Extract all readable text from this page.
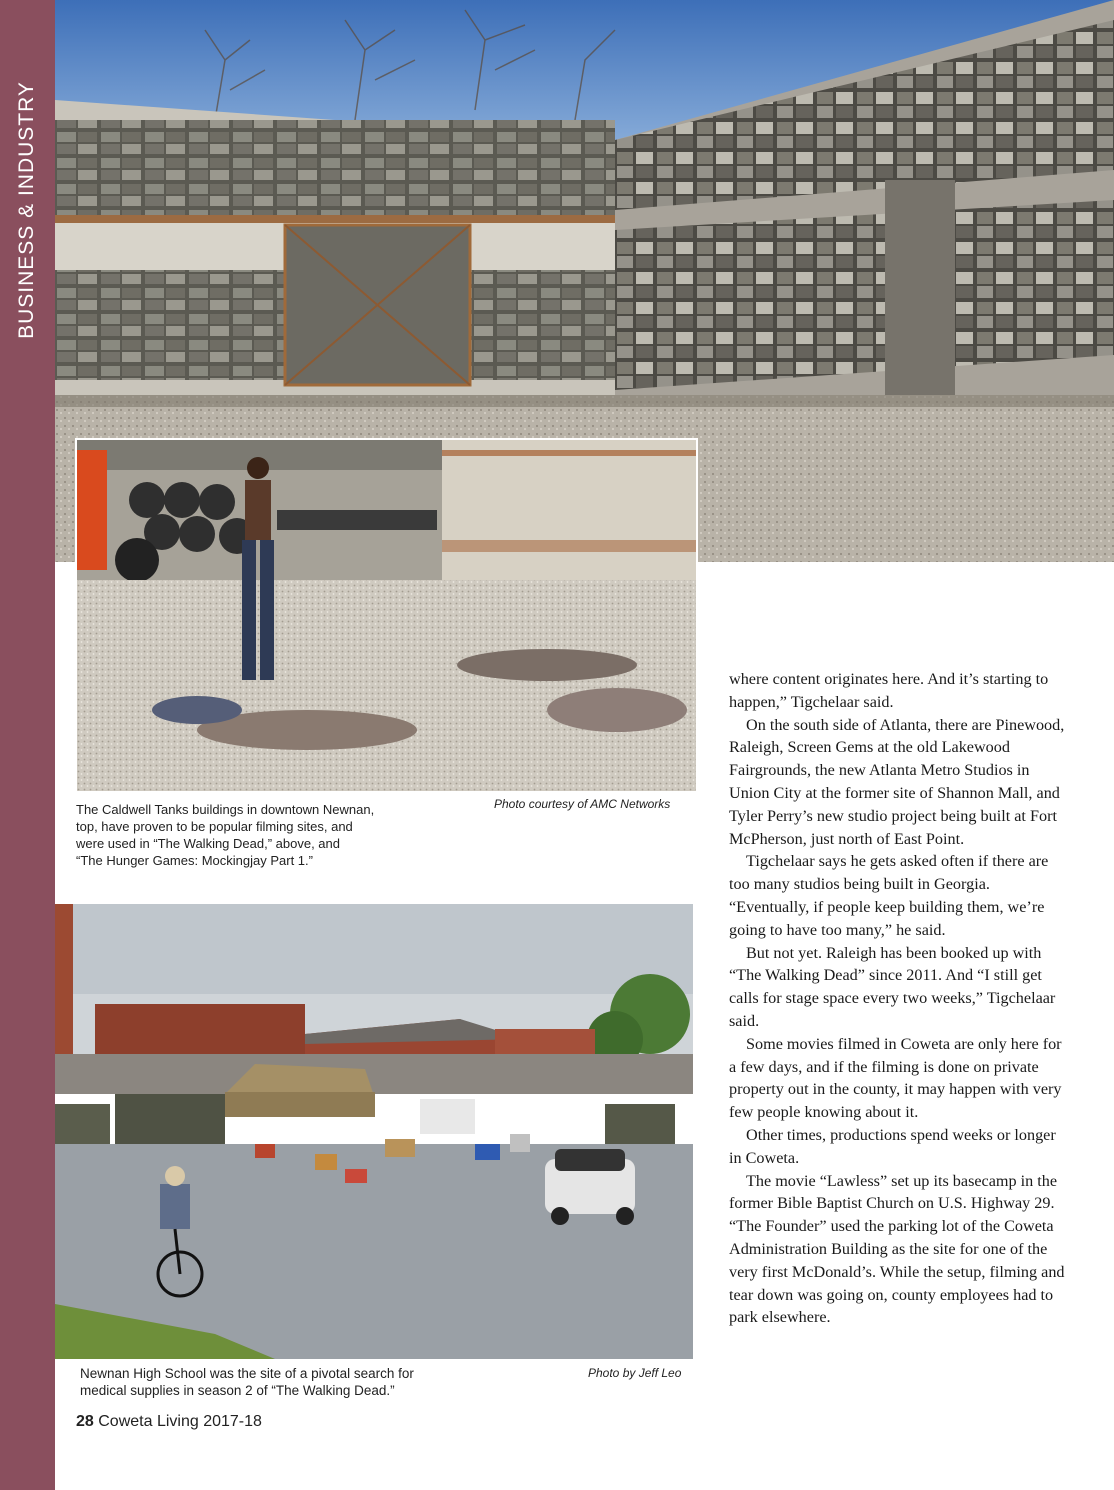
BUSINESS & INDUSTRY
The Caldwell Tanks buildings in downtown Newnan,
top, have proven to be popular filming sites, and
were used in “The Walking Dead,” above, and
“The Hunger Games: Mockingjay Part 1.”
Photo courtesy of AMC Networks
Newnan High School was the site of a pivotal search for
medical supplies in season 2 of “The Walking Dead.”
Photo by Jeff Leo

where content originates here. And it’s starting to happen,” Tigchelaar said.

On the south side of Atlanta, there are Pinewood, Raleigh, Screen Gems at the old Lakewood Fairgrounds, the new Atlanta Metro Studios in Union City at the former site of Shannon Mall, and Tyler Perry’s new studio project being built at Fort McPherson, just north of East Point.

Tigchelaar says he gets asked often if there are too many studios being built in Georgia. “Eventually, if people keep building them, we’re going to have too many,” he said.

But not yet. Raleigh has been booked up with “The Walking Dead” since 2011. And “I still get calls for stage space every two weeks,” Tigchelaar said.

Some movies filmed in Coweta are only here for a few days, and if the filming is done on private property out in the county, it may happen with very few people knowing about it.

Other times, productions spend weeks or longer in Coweta.

The movie “Lawless” set up its basecamp in the former Bible Baptist Church on U.S. Highway 29. “The Founder” used the parking lot of the Coweta Administration Building as the site for one of the very first McDonald’s. While the setup, filming and tear down was going on, county employees had to park elsewhere.

28 Coweta Living 2017-18
